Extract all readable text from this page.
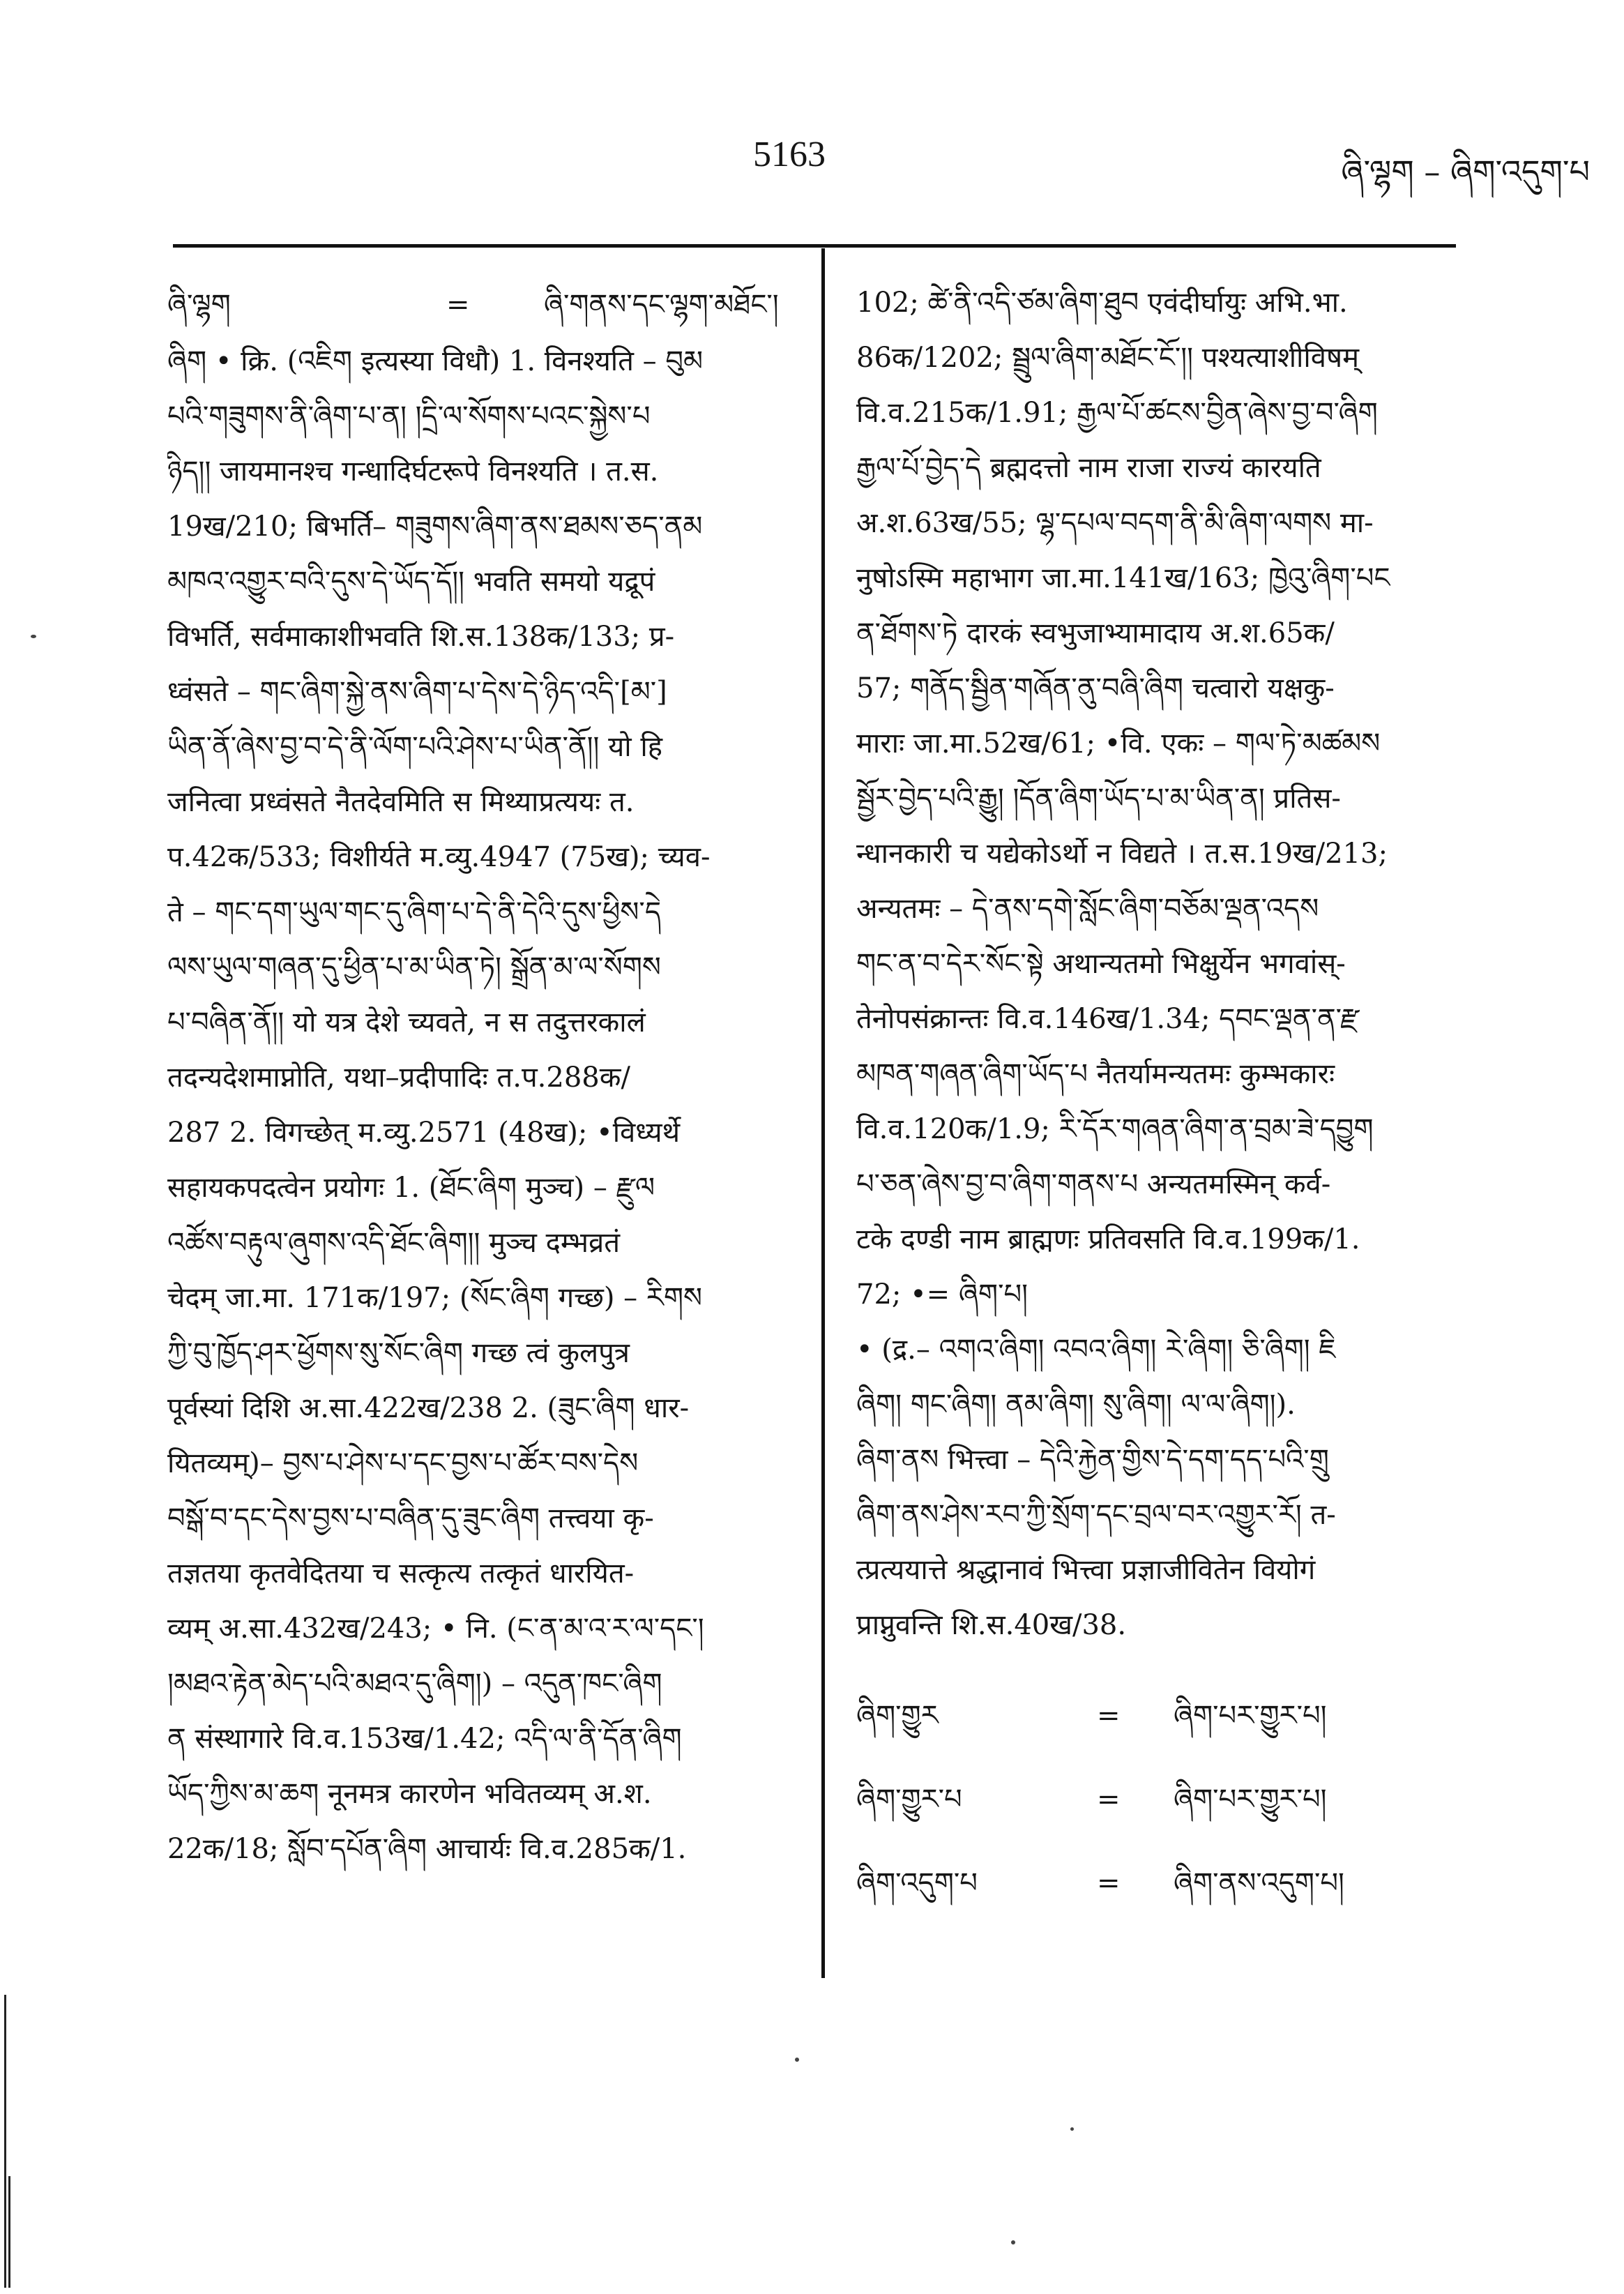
5163	ཞི་ལྷག – ཞིག་འདུག་པ
ཞི་ལྷག	=	ཞི་གནས་དང་ལྷག་མཐོང་།
ཞིག • क्रि. (འཇིག इत्यस्या विधौ) 1. विनश्यति – བུམ
པའི་གཟུགས་ནི་ཞིག་པ་ན། །དྲི་ལ་སོགས་པའང་སྐྱེས་པ
ཉིད།། जायमानश्च गन्धादिर्घटरूपे विनश्यति । त.स.
19ख/210; बिभर्ति– གཟུགས་ཞིག་ནས་ཐམས་ཅད་ནམ
མཁའ་འགྱུར་བའི་དུས་དེ་ཡོད་དོ།། भवति समयो यद्रूपं
विभर्ति, सर्वमाकाशीभवति शि.स.138क/133; प्र-
ध्वंसते – གང་ཞིག་སྐྱེ་ནས་ཞིག་པ་དེས་དེ་ཉིད་འདི་[མ་]
ཡིན་ནོ་ཞེས་བྱ་བ་དེ་ནི་ལོག་པའི་ཤེས་པ་ཡིན་ནོ།། यो हि
जनित्वा प्रध्वंसते नैतदेवमिति स मिथ्याप्रत्ययः त.
प.42क/533; विशीर्यते म.व्यु.4947 (75ख); च्यव-
ते – གང་དག་ཡུལ་གང་དུ་ཞིག་པ་དེ་ནི་དེའི་དུས་ཕྱིས་དེ
ལས་ཡུལ་གཞན་དུ་ཕྱིན་པ་མ་ཡིན་ཏེ། སྒྲོན་མ་ལ་སོགས
པ་བཞིན་ནོ།། यो यत्र देशे च्यवते, न स तदुत्तरकालं
तदन्यदेशमाप्नोति, यथा–प्रदीपादिः त.प.288क/
287 2. विगच्छेत् म.व्यु.2571 (48ख); •विध्यर्थे
सहायकपदत्वेन प्रयोगः 1. (ཐོང་ཞིག मुञ्च) – རྫུལ
འཚོས་བརྟུལ་ཞུགས་འདི་ཐོང་ཞིག།། मुञ्च दम्भव्रतं
चेदम् जा.मा. 171क/197; (སོང་ཞིག गच्छ) – རིགས
ཀྱི་བུ་ཁྱོད་ཤར་ཕྱོགས་སུ་སོང་ཞིག गच्छ त्वं कुलपुत्र
पूर्वस्यां दिशि अ.सा.422ख/238 2. (ཟུང་ཞིག धार-
यितव्यम्)– བྱས་པ་ཤེས་པ་དང་བྱས་པ་ཚོར་བས་དེས
བསྒོ་བ་དང་དེས་བྱས་པ་བཞིན་དུ་ཟུང་ཞིག तत्त्वया कृ-
तज्ञतया कृतवेदितया च सत्कृत्य तत्कृतं धारयित-
व्यम् अ.सा.432ख/243; • नि. (ང་ན་མ་འ་ར་ལ་དང་།
།མཐའ་རྟེན་མེད་པའི་མཐའ་དུ་ཞིག།) – འདུན་ཁང་ཞིག
ན संस्थागारे वि.व.153ख/1.42; འདི་ལ་ནི་དོན་ཞིག
ཡོད་ཀྱིས་མ་ཆག नूनमत्र कारणेन भवितव्यम् अ.श.
22क/18; སློབ་དཔོན་ཞིག आचार्यः वि.व.285क/1.
102; ཚེ་ནི་འདི་ཙམ་ཞིག་ཐུབ एवंदीर्घायुः अभि.भा.
86क/1202; སྦྲུལ་ཞིག་མཐོང་ངོ་།། पश्यत्याशीविषम्
वि.व.215क/1.91; རྒྱལ་པོ་ཚངས་བྱིན་ཞེས་བྱ་བ་ཞིག
རྒྱལ་པོ་བྱེད་དེ ब्रह्मदत्तो नाम राजा राज्यं कारयति
अ.श.63ख/55; ལྷ་དཔལ་བདག་ནི་མི་ཞིག་ལགས मा-
नुषोऽस्मि महाभाग जा.मा.141ख/163; ཁྱེའུ་ཞིག་པང
ན་ཐོགས་ཏེ दारकं स्वभुजाभ्यामादाय अ.श.65क/
57; གནོད་སྦྱིན་གཞོན་ནུ་བཞི་ཞིག चत्वारो यक्षकु-
माराः जा.मा.52ख/61; •वि. एकः – གལ་ཏེ་མཚམས
སྦྱོར་བྱེད་པའི་རྒྱུ། །དོན་ཞིག་ཡོད་པ་མ་ཡིན་ན། प्रतिस-
न्धानकारी च यद्येकोऽर्थो न विद्यते । त.स.19ख/213;
अन्यतमः – དེ་ནས་དགེ་སློང་ཞིག་བཅོམ་ལྡན་འདས
གང་ན་བ་དེར་སོང་སྟེ अथान्यतमो भिक्षुर्येन भगवांस्-
तेनोपसंक्रान्तः वि.व.146ख/1.34; དབང་ལྡན་ན་རྫ
མཁན་གཞན་ཞིག་ཡོད་པ नैतर्यामन्यतमः कुम्भकारः
वि.व.120क/1.9; རི་དོར་གཞན་ཞིག་ན་བྲམ་ཟེ་དབྱུག
པ་ཅན་ཞེས་བྱ་བ་ཞིག་གནས་པ अन्यतमस्मिन् कर्व-
टके दण्डी नाम ब्राह्मणः प्रतिवसति वि.व.199क/1.
72; •= ཞིག་པ།
• (द्र.– འགའ་ཞིག། འབའ་ཞིག། རེ་ཞིག། ཅི་ཞིག། ཇི
ཞིག། གང་ཞིག། ནམ་ཞིག། སུ་ཞིག། ལ་ལ་ཞིག།).
ཞིག་ནས भित्त्वा – དེའི་རྐྱེན་གྱིས་དེ་དག་དད་པའི་གྲུ
ཞིག་ནས་ཤེས་རབ་ཀྱི་སྲོག་དང་བྲལ་བར་འགྱུར་རོ། त-
त्प्रत्ययात्ते श्रद्धानावं भित्त्वा प्रज्ञाजीवितेन वियोगं
प्राप्नुवन्ति शि.स.40ख/38.
ཞིག་གྱུར	=	ཞིག་པར་གྱུར་པ།
ཞིག་གྱུར་པ	=	ཞིག་པར་གྱུར་པ།
ཞིག་འདུག་པ	=	ཞིག་ནས་འདུག་པ།
